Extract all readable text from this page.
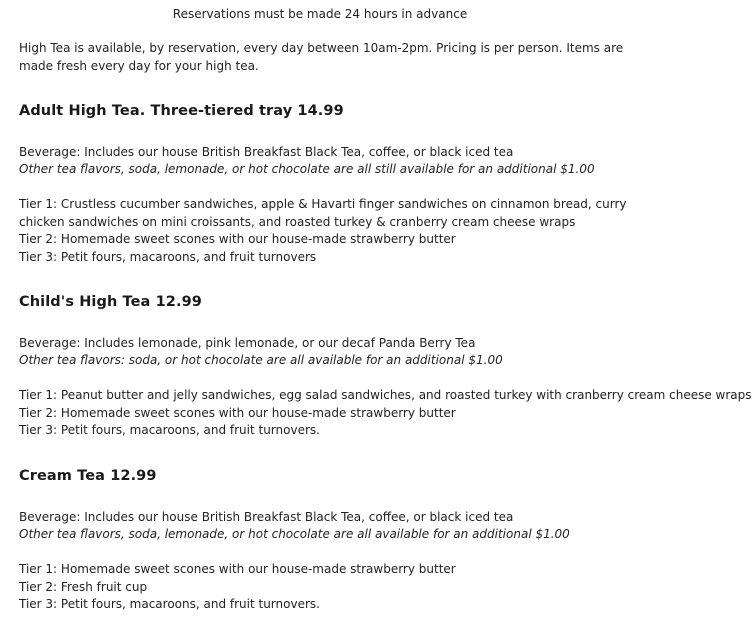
Reservations must be made 24 hours in advance
High Tea is available, by reservation, every day between 10am-2pm. Pricing is per person. Items are made fresh every day for your high tea.
Adult High Tea. Three-tiered tray 14.99
Beverage: Includes our house British Breakfast Black Tea, coffee, or black iced tea
Other tea flavors, soda, lemonade, or hot chocolate are all still available for an additional $1.00
Tier 1: Crustless cucumber sandwiches, apple & Havarti finger sandwiches on cinnamon bread, curry chicken sandwiches on mini croissants, and roasted turkey & cranberry cream cheese wraps
Tier 2: Homemade sweet scones with our house-made strawberry butter
Tier 3: Petit fours, macaroons, and fruit turnovers
Child's High Tea 12.99
Beverage: Includes lemonade, pink lemonade, or our decaf Panda Berry Tea
Other tea flavors: soda, or hot chocolate are all available for an additional $1.00
Tier 1: Peanut butter and jelly sandwiches, egg salad sandwiches, and roasted turkey with cranberry cream cheese wraps
Tier 2: Homemade sweet scones with our house-made strawberry butter
Tier 3: Petit fours, macaroons, and fruit turnovers.
Cream Tea 12.99
Beverage: Includes our house British Breakfast Black Tea, coffee, or black iced tea
Other tea flavors, soda, lemonade, or hot chocolate are all available for an additional $1.00
Tier 1: Homemade sweet scones with our house-made strawberry butter
Tier 2: Fresh fruit cup
Tier 3: Petit fours, macaroons, and fruit turnovers.
